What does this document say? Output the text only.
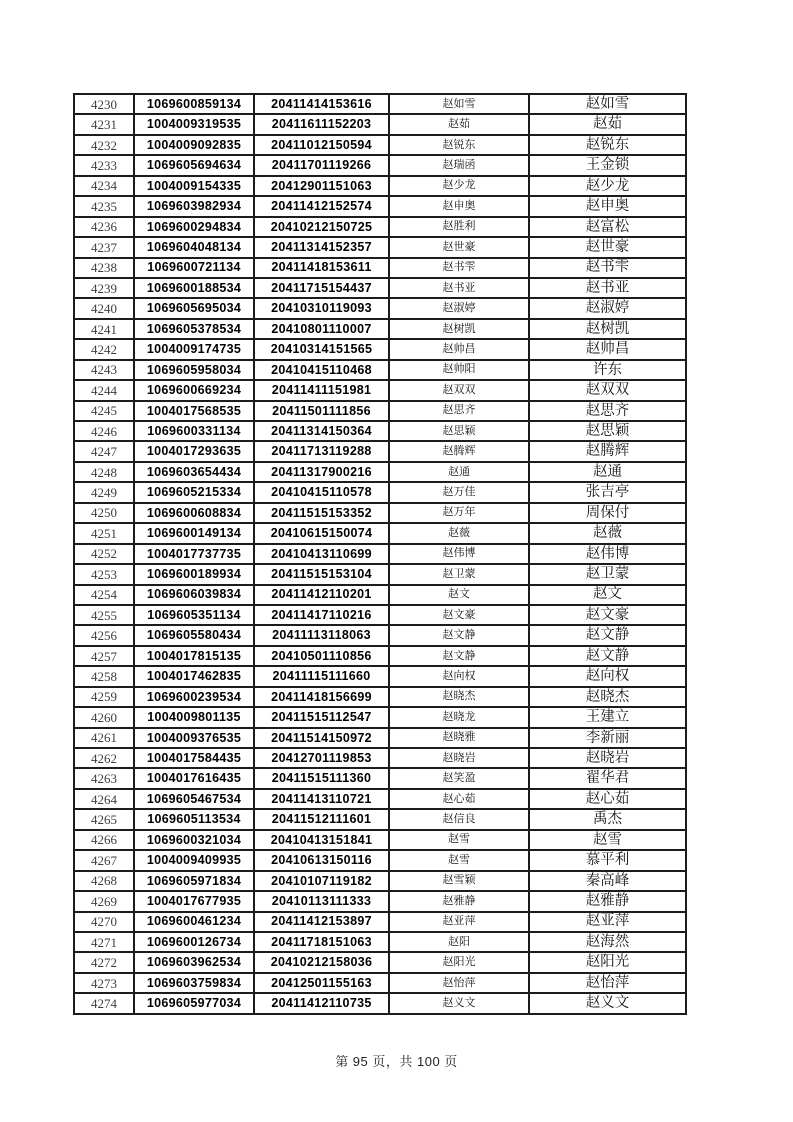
4230	1069600859134	20411414153616	赵如雪	赵如雪
4231	1004009319535	20411611152203	赵茹	赵茹
4232	1004009092835	20411012150594	赵锐东	赵锐东
4233	1069605694634	20411701119266	赵瑞函	王金锁
4234	1004009154335	20412901151063	赵少龙	赵少龙
4235	1069603982934	20411412152574	赵申奥	赵申奥
4236	1069600294834	20410212150725	赵胜利	赵富松
4237	1069604048134	20411314152357	赵世豪	赵世豪
4238	1069600721134	20411418153611	赵书雫	赵书雫
4239	1069600188534	20411715154437	赵书亚	赵书亚
4240	1069605695034	20410310119093	赵淑婷	赵淑婷
4241	1069605378534	20410801110007	赵树凯	赵树凯
4242	1004009174735	20410314151565	赵帅昌	赵帅昌
4243	1069605958034	20410415110468	赵帅阳	许东
4244	1069600669234	20411411151981	赵双双	赵双双
4245	1004017568535	20411501111856	赵思齐	赵思齐
4246	1069600331134	20411314150364	赵思颖	赵思颖
4247	1004017293635	20411713119288	赵腾辉	赵腾辉
4248	1069603654434	20411317900216	赵通	赵通
4249	1069605215334	20410415110578	赵万佳	张吉亭
4250	1069600608834	20411515153352	赵万年	周保付
4251	1069600149134	20410615150074	赵薇	赵薇
4252	1004017737735	20410413110699	赵伟博	赵伟博
4253	1069600189934	20411515153104	赵卫蒙	赵卫蒙
4254	1069606039834	20411412110201	赵文	赵文
4255	1069605351134	20411417110216	赵文豪	赵文豪
4256	1069605580434	20411113118063	赵文静	赵文静
4257	1004017815135	20410501110856	赵文静	赵文静
4258	1004017462835	20411115111660	赵向权	赵向权
4259	1069600239534	20411418156699	赵晓杰	赵晓杰
4260	1004009801135	20411515112547	赵晓龙	王建立
4261	1004009376535	20411514150972	赵晓雅	李新丽
4262	1004017584435	20412701119853	赵晓岩	赵晓岩
4263	1004017616435	20411515111360	赵笑盈	翟华君
4264	1069605467534	20411413110721	赵心茹	赵心茹
4265	1069605113534	20411512111601	赵信良	禹杰
4266	1069600321034	20410413151841	赵雪	赵雪
4267	1004009409935	20410613150116	赵雪	慕平利
4268	1069605971834	20410107119182	赵雪颖	秦高峰
4269	1004017677935	20410113111333	赵雅静	赵雅静
4270	1069600461234	20411412153897	赵亚萍	赵亚萍
4271	1069600126734	20411718151063	赵阳	赵海然
4272	1069603962534	20410212158036	赵阳光	赵阳光
4273	1069603759834	20412501155163	赵怡萍	赵怡萍
4274	1069605977034	20411412110735	赵义文	赵义文
第 95 页，共 100 页
